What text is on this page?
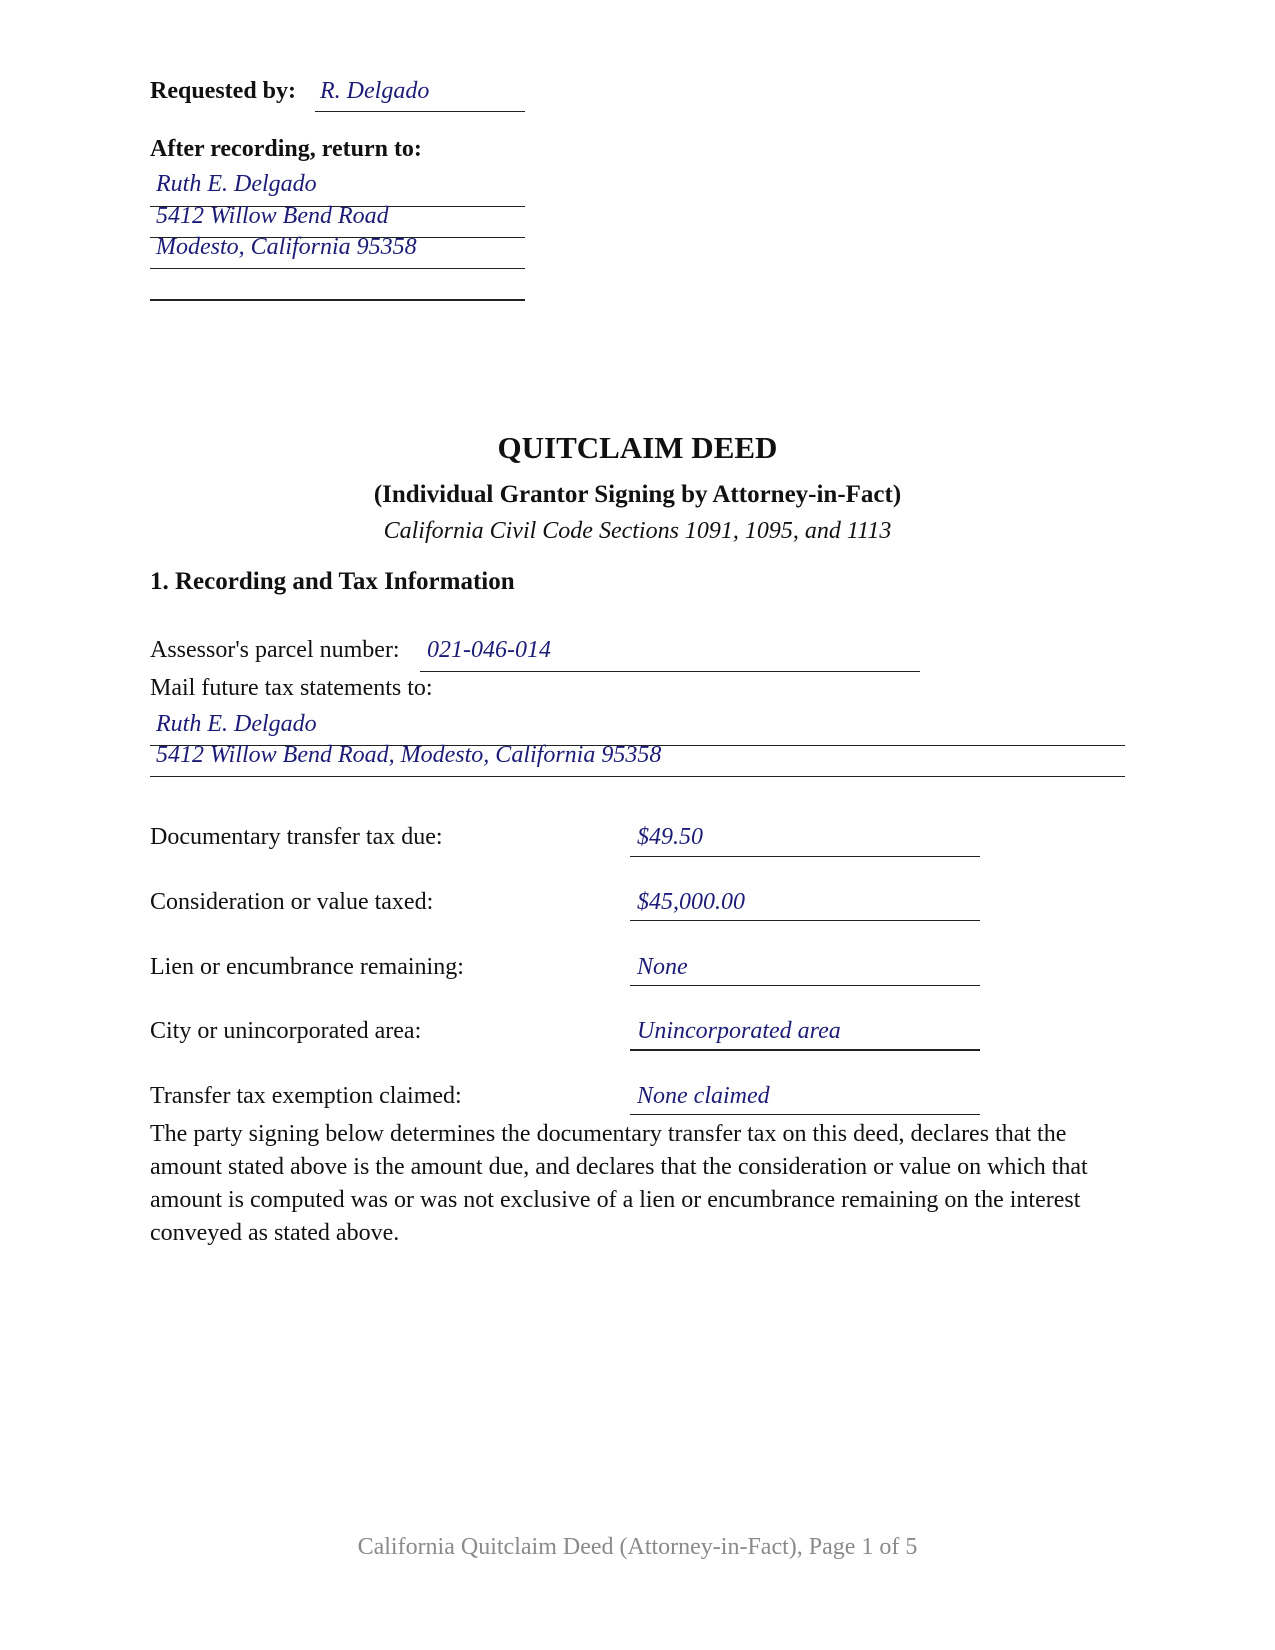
Requested by: R. Delgado
After recording, return to:
Ruth E. Delgado
5412 Willow Bend Road
Modesto, California 95358
QUITCLAIM DEED
(Individual Grantor Signing by Attorney-in-Fact)
California Civil Code Sections 1091, 1095, and 1113
1. Recording and Tax Information
Assessor's parcel number: 021-046-014
Mail future tax statements to:
Ruth E. Delgado
5412 Willow Bend Road, Modesto, California 95358
Documentary transfer tax due:	$49.50
Consideration or value taxed:	$45,000.00
Lien or encumbrance remaining:	None
City or unincorporated area:	Unincorporated area
Transfer tax exemption claimed:	None claimed
The party signing below determines the documentary transfer tax on this deed, declares that the amount stated above is the amount due, and declares that the consideration or value on which that amount is computed was or was not exclusive of a lien or encumbrance remaining on the interest conveyed as stated above.
California Quitclaim Deed (Attorney-in-Fact), Page 1 of 5
